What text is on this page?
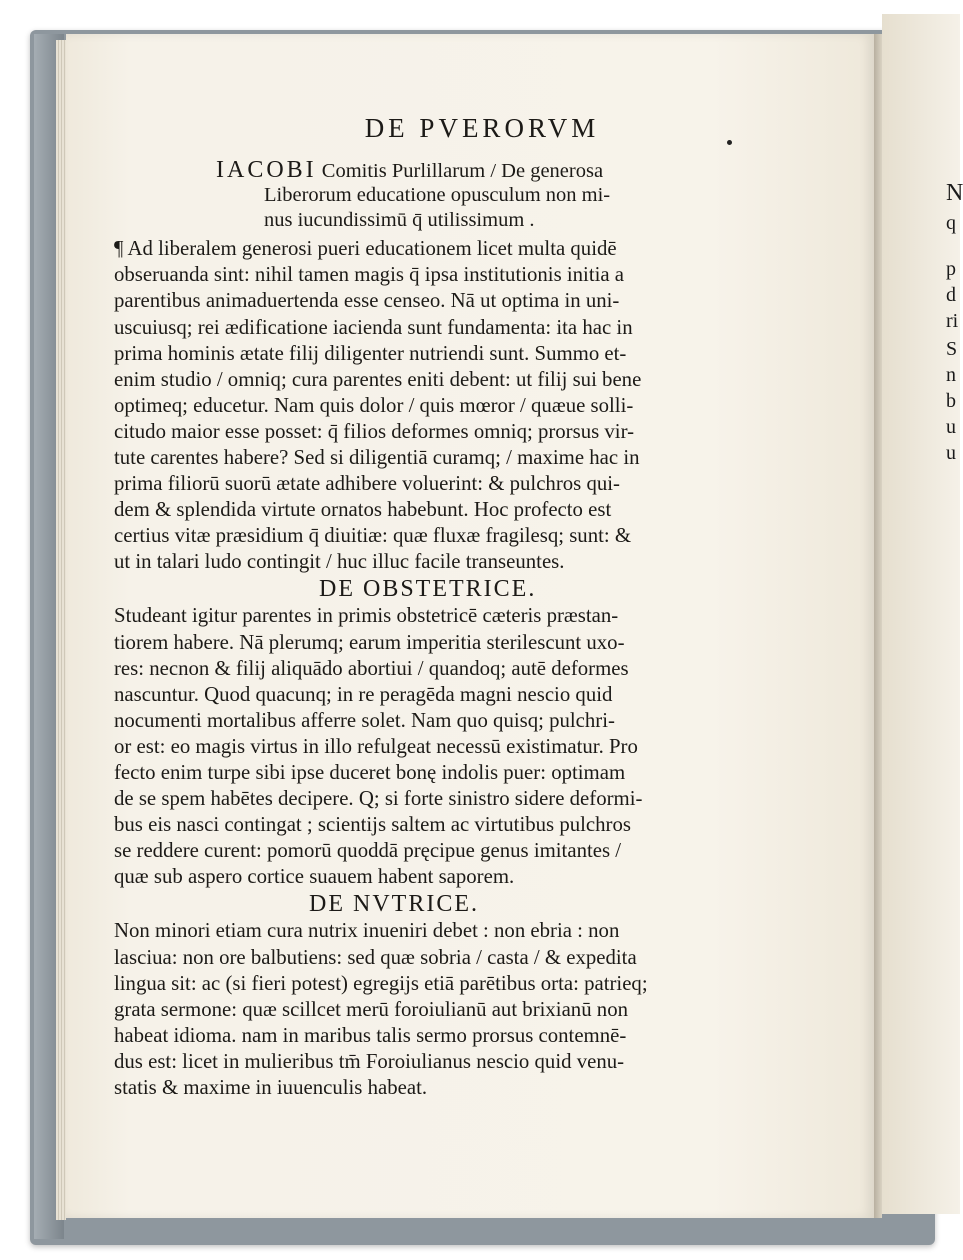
N
q
p
d
ri
S
n
b
u
u
DE PVERORVM
IACOBI Comitis Purlillarum / De generosa
Liberorum educatione opusculum non mi-
nus iucundissimū q̄ utilissimum .
¶ Ad liberalem generosi pueri educationem licet multa quidē
obseruanda sint: nihil tamen magis q̄ ipsa institutionis initia a
parentibus animaduertenda esse censeo. Nā ut optima in uni-
uscuiusq; rei ædificatione iacienda sunt fundamenta: ita hac in
prima hominis ætate filij diligenter nutriendi sunt. Summo et-
enim studio / omniq; cura parentes eniti debent: ut filij sui bene
optimeq; educetur. Nam quis dolor / quis mœror / quæue solli-
citudo maior esse posset: q̄ filios deformes omniq; prorsus vir-
tute carentes habere? Sed si diligentiā curamq; / maxime hac in
prima filiorū suorū ætate adhibere voluerint: & pulchros qui-
dem & splendida virtute ornatos habebunt. Hoc profecto est
certius vitæ præsidium q̄ diuitiæ: quæ fluxæ fragilesq; sunt: &
ut in talari ludo contingit / huc illuc facile transeuntes.
DE OBSTETRICE.
Studeant igitur parentes in primis obstetricē cæteris præstan-
tiorem habere. Nā plerumq; earum imperitia sterilescunt uxo-
res: necnon & filij aliquādo abortiui / quandoq; autē deformes
nascuntur. Quod quacunq; in re peragēda magni nescio quid
nocumenti mortalibus afferre solet. Nam quo quisq; pulchri-
or est: eo magis virtus in illo refulgeat necessū existimatur. Pro
fecto enim turpe sibi ipse duceret bonę indolis puer: optimam
de se spem habētes decipere. Q; si forte sinistro sidere deformi-
bus eis nasci contingat ; scientijs saltem ac virtutibus pulchros
se reddere curent: pomorū quoddā pręcipue genus imitantes /
quæ sub aspero cortice suauem habent saporem.
DE NVTRICE.
Non minori etiam cura nutrix inueniri debet : non ebria : non
lasciua: non ore balbutiens: sed quæ sobria / casta / & expedita
lingua sit: ac (si fieri potest) egregijs etiā parētibus orta: patrieq;
grata sermone: quæ scillcet merū foroiulianū aut brixianū non
habeat idioma. nam in maribus talis sermo prorsus contemnē-
dus est: licet in mulieribus tm̄ Foroiulianus nescio quid venu-
statis & maxime in iuuenculis habeat.
